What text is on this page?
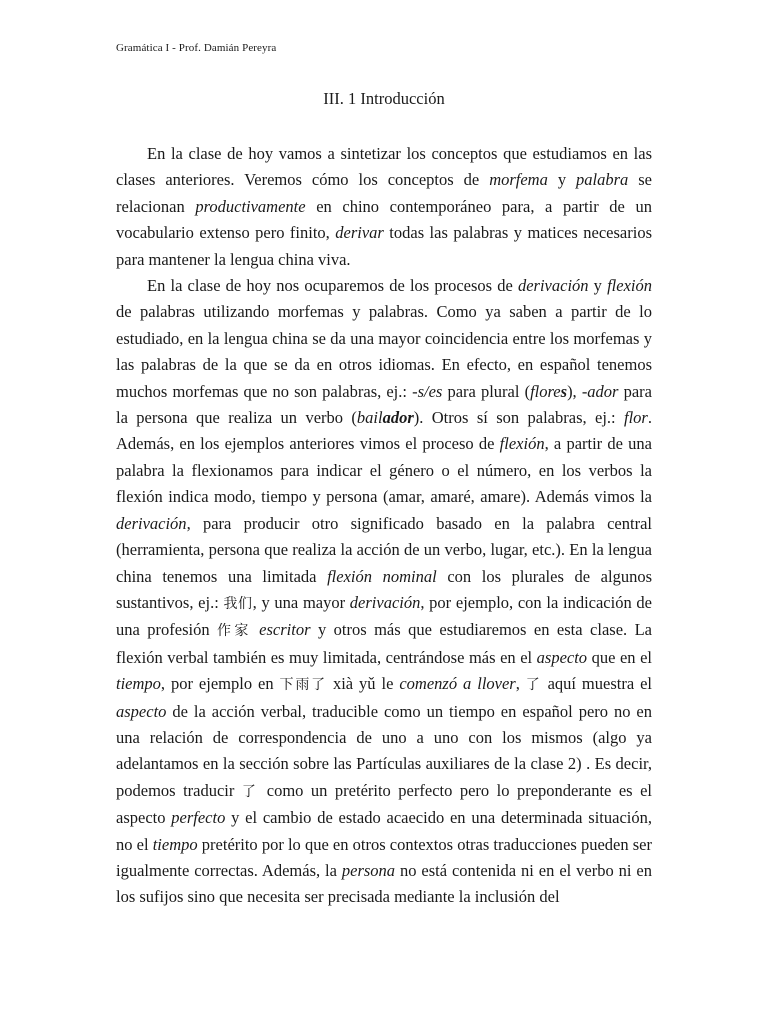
Gramática I - Prof. Damián Pereyra
III. 1 Introducción

En la clase de hoy vamos a sintetizar los conceptos que estudiamos en las clases anteriores. Veremos cómo los conceptos de morfema y palabra se relacionan productivamente en chino contemporáneo para, a partir de un vocabulario extenso pero finito, derivar todas las palabras y matices necesarios para mantener la lengua china viva.

En la clase de hoy nos ocuparemos de los procesos de derivación y flexión de palabras utilizando morfemas y palabras. Como ya saben a partir de lo estudiado, en la lengua china se da una mayor coincidencia entre los morfemas y las palabras de la que se da en otros idiomas. En efecto, en español tenemos muchos morfemas que no son palabras, ej.: -s/es para plural (flores), -ador para la persona que realiza un verbo (bailador). Otros sí son palabras, ej.: flor. Además, en los ejemplos anteriores vimos el proceso de flexión, a partir de una palabra la flexionamos para indicar el género o el número, en los verbos la flexión indica modo, tiempo y persona (amar, amaré, amare). Además vimos la derivación, para producir otro significado basado en la palabra central (herramienta, persona que realiza la acción de un verbo, lugar, etc.). En la lengua china tenemos una limitada flexión nominal con los plurales de algunos sustantivos, ej.: 我们, y una mayor derivación, por ejemplo, con la indicación de una profesión 作家 escritor y otros más que estudiaremos en esta clase. La flexión verbal también es muy limitada, centrándose más en el aspecto que en el tiempo, por ejemplo en 下雨了 xià yǔ le comenzó a llover, 了 aquí muestra el aspecto de la acción verbal, traducible como un tiempo en español pero no en una relación de correspondencia de uno a uno con los mismos (algo ya adelantamos en la sección sobre las Partículas auxiliares de la clase 2) . Es decir, podemos traducir 了 como un pretérito perfecto pero lo preponderante es el aspecto perfecto y el cambio de estado acaecido en una determinada situación, no el tiempo pretérito por lo que en otros contextos otras traducciones pueden ser igualmente correctas. Además, la persona no está contenida ni en el verbo ni en los sufijos sino que necesita ser precisada mediante la inclusión del
